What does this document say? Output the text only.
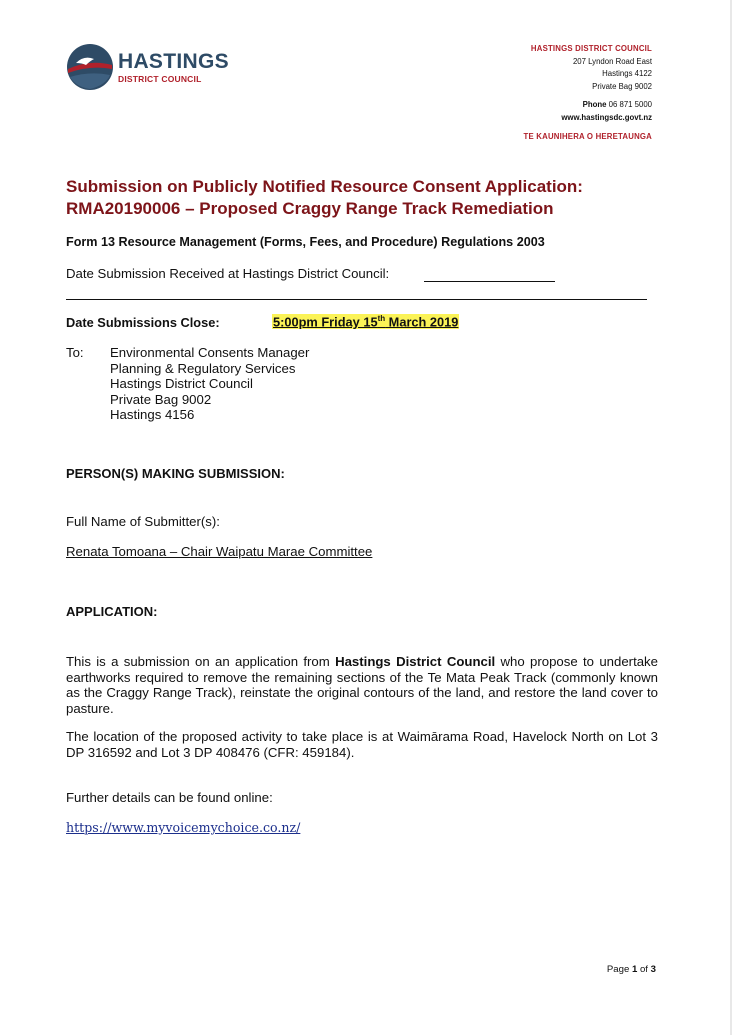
HASTINGS
DISTRICT COUNCIL
HASTINGS DISTRICT COUNCIL
207 Lyndon Road East
Hastings 4122
Private Bag 9002
Phone 06 871 5000
www.hastingsdc.govt.nz
TE KAUNIHERA O HERETAUNGA
Submission on Publicly Notified Resource Consent Application:
RMA20190006 – Proposed Craggy Range Track Remediation
Form 13 Resource Management (Forms, Fees, and Procedure) Regulations 2003
Date Submission Received at Hastings District Council:
Date Submissions Close:	5:00pm Friday 15th March 2019
To: Environmental Consents Manager
Planning & Regulatory Services
Hastings District Council
Private Bag 9002
Hastings 4156
PERSON(S) MAKING SUBMISSION:
Full Name of Submitter(s):
Renata Tomoana – Chair Waipatu Marae Committee
APPLICATION:
This is a submission on an application from Hastings District Council who propose to undertake earthworks required to remove the remaining sections of the Te Mata Peak Track (commonly known as the Craggy Range Track), reinstate the original contours of the land, and restore the land cover to pasture.
The location of the proposed activity to take place is at Waimārama Road, Havelock North on Lot 3 DP 316592 and Lot 3 DP 408476 (CFR: 459184).
Further details can be found online:
https://www.myvoicemychoice.co.nz/
Page 1 of 3
